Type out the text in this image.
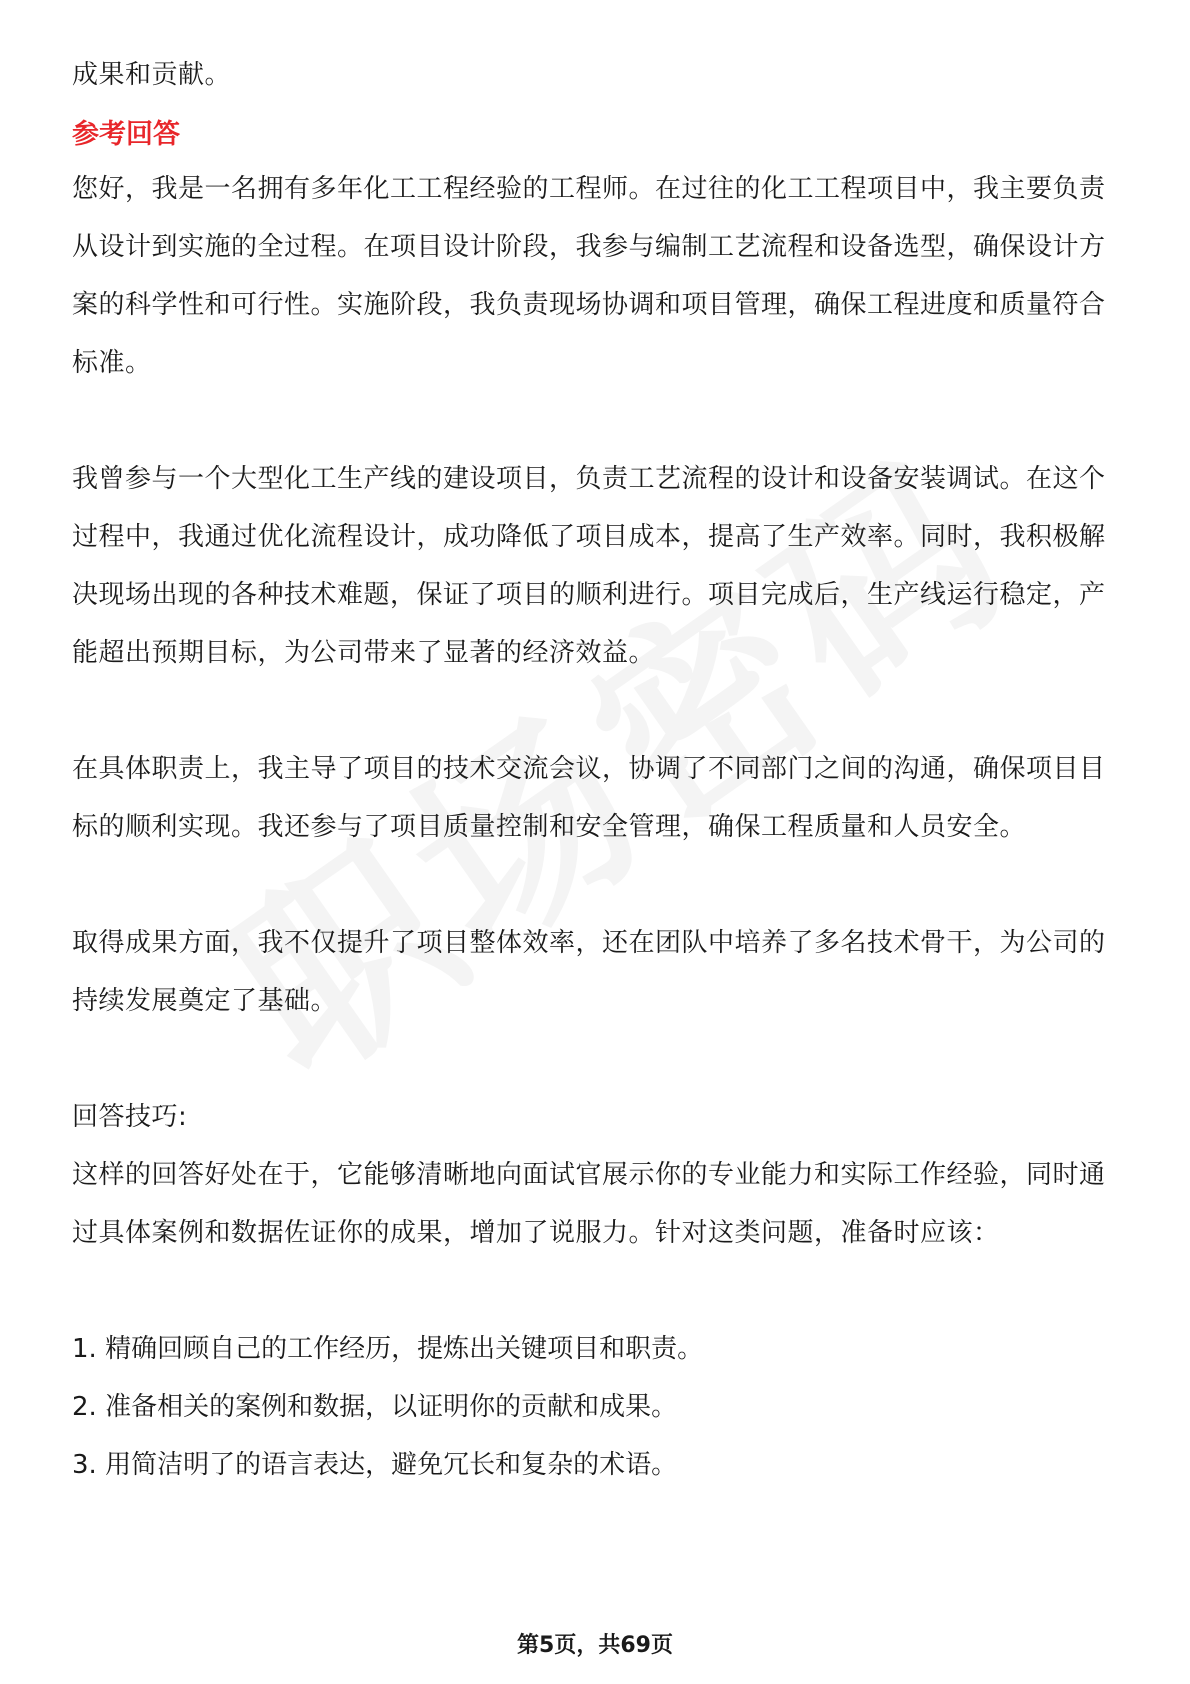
成果和贡献。

参考回答

您好，我是一名拥有多年化工工程经验的工程师。在过往的化工工程项目中，我主要负责从设计到实施的全过程。在项目设计阶段，我参与编制工艺流程和设备选型，确保设计方案的科学性和可行性。实施阶段，我负责现场协调和项目管理，确保工程进度和质量符合标准。

我曾参与一个大型化工生产线的建设项目，负责工艺流程的设计和设备安装调试。在这个过程中，我通过优化流程设计，成功降低了项目成本，提高了生产效率。同时，我积极解决现场出现的各种技术难题，保证了项目的顺利进行。项目完成后，生产线运行稳定，产能超出预期目标，为公司带来了显著的经济效益。

在具体职责上，我主导了项目的技术交流会议，协调了不同部门之间的沟通，确保项目目标的顺利实现。我还参与了项目质量控制和安全管理，确保工程质量和人员安全。

取得成果方面，我不仅提升了项目整体效率，还在团队中培养了多名技术骨干，为公司的持续发展奠定了基础。

回答技巧:

这样的回答好处在于，它能够清晰地向面试官展示你的专业能力和实际工作经验，同时通过具体案例和数据佐证你的成果，增加了说服力。针对这类问题，准备时应该：

1. 精确回顾自己的工作经历，提炼出关键项目和职责。

2. 准备相关的案例和数据，以证明你的贡献和成果。

3. 用简洁明了的语言表达，避免冗长和复杂的术语。

第5页，共69页
